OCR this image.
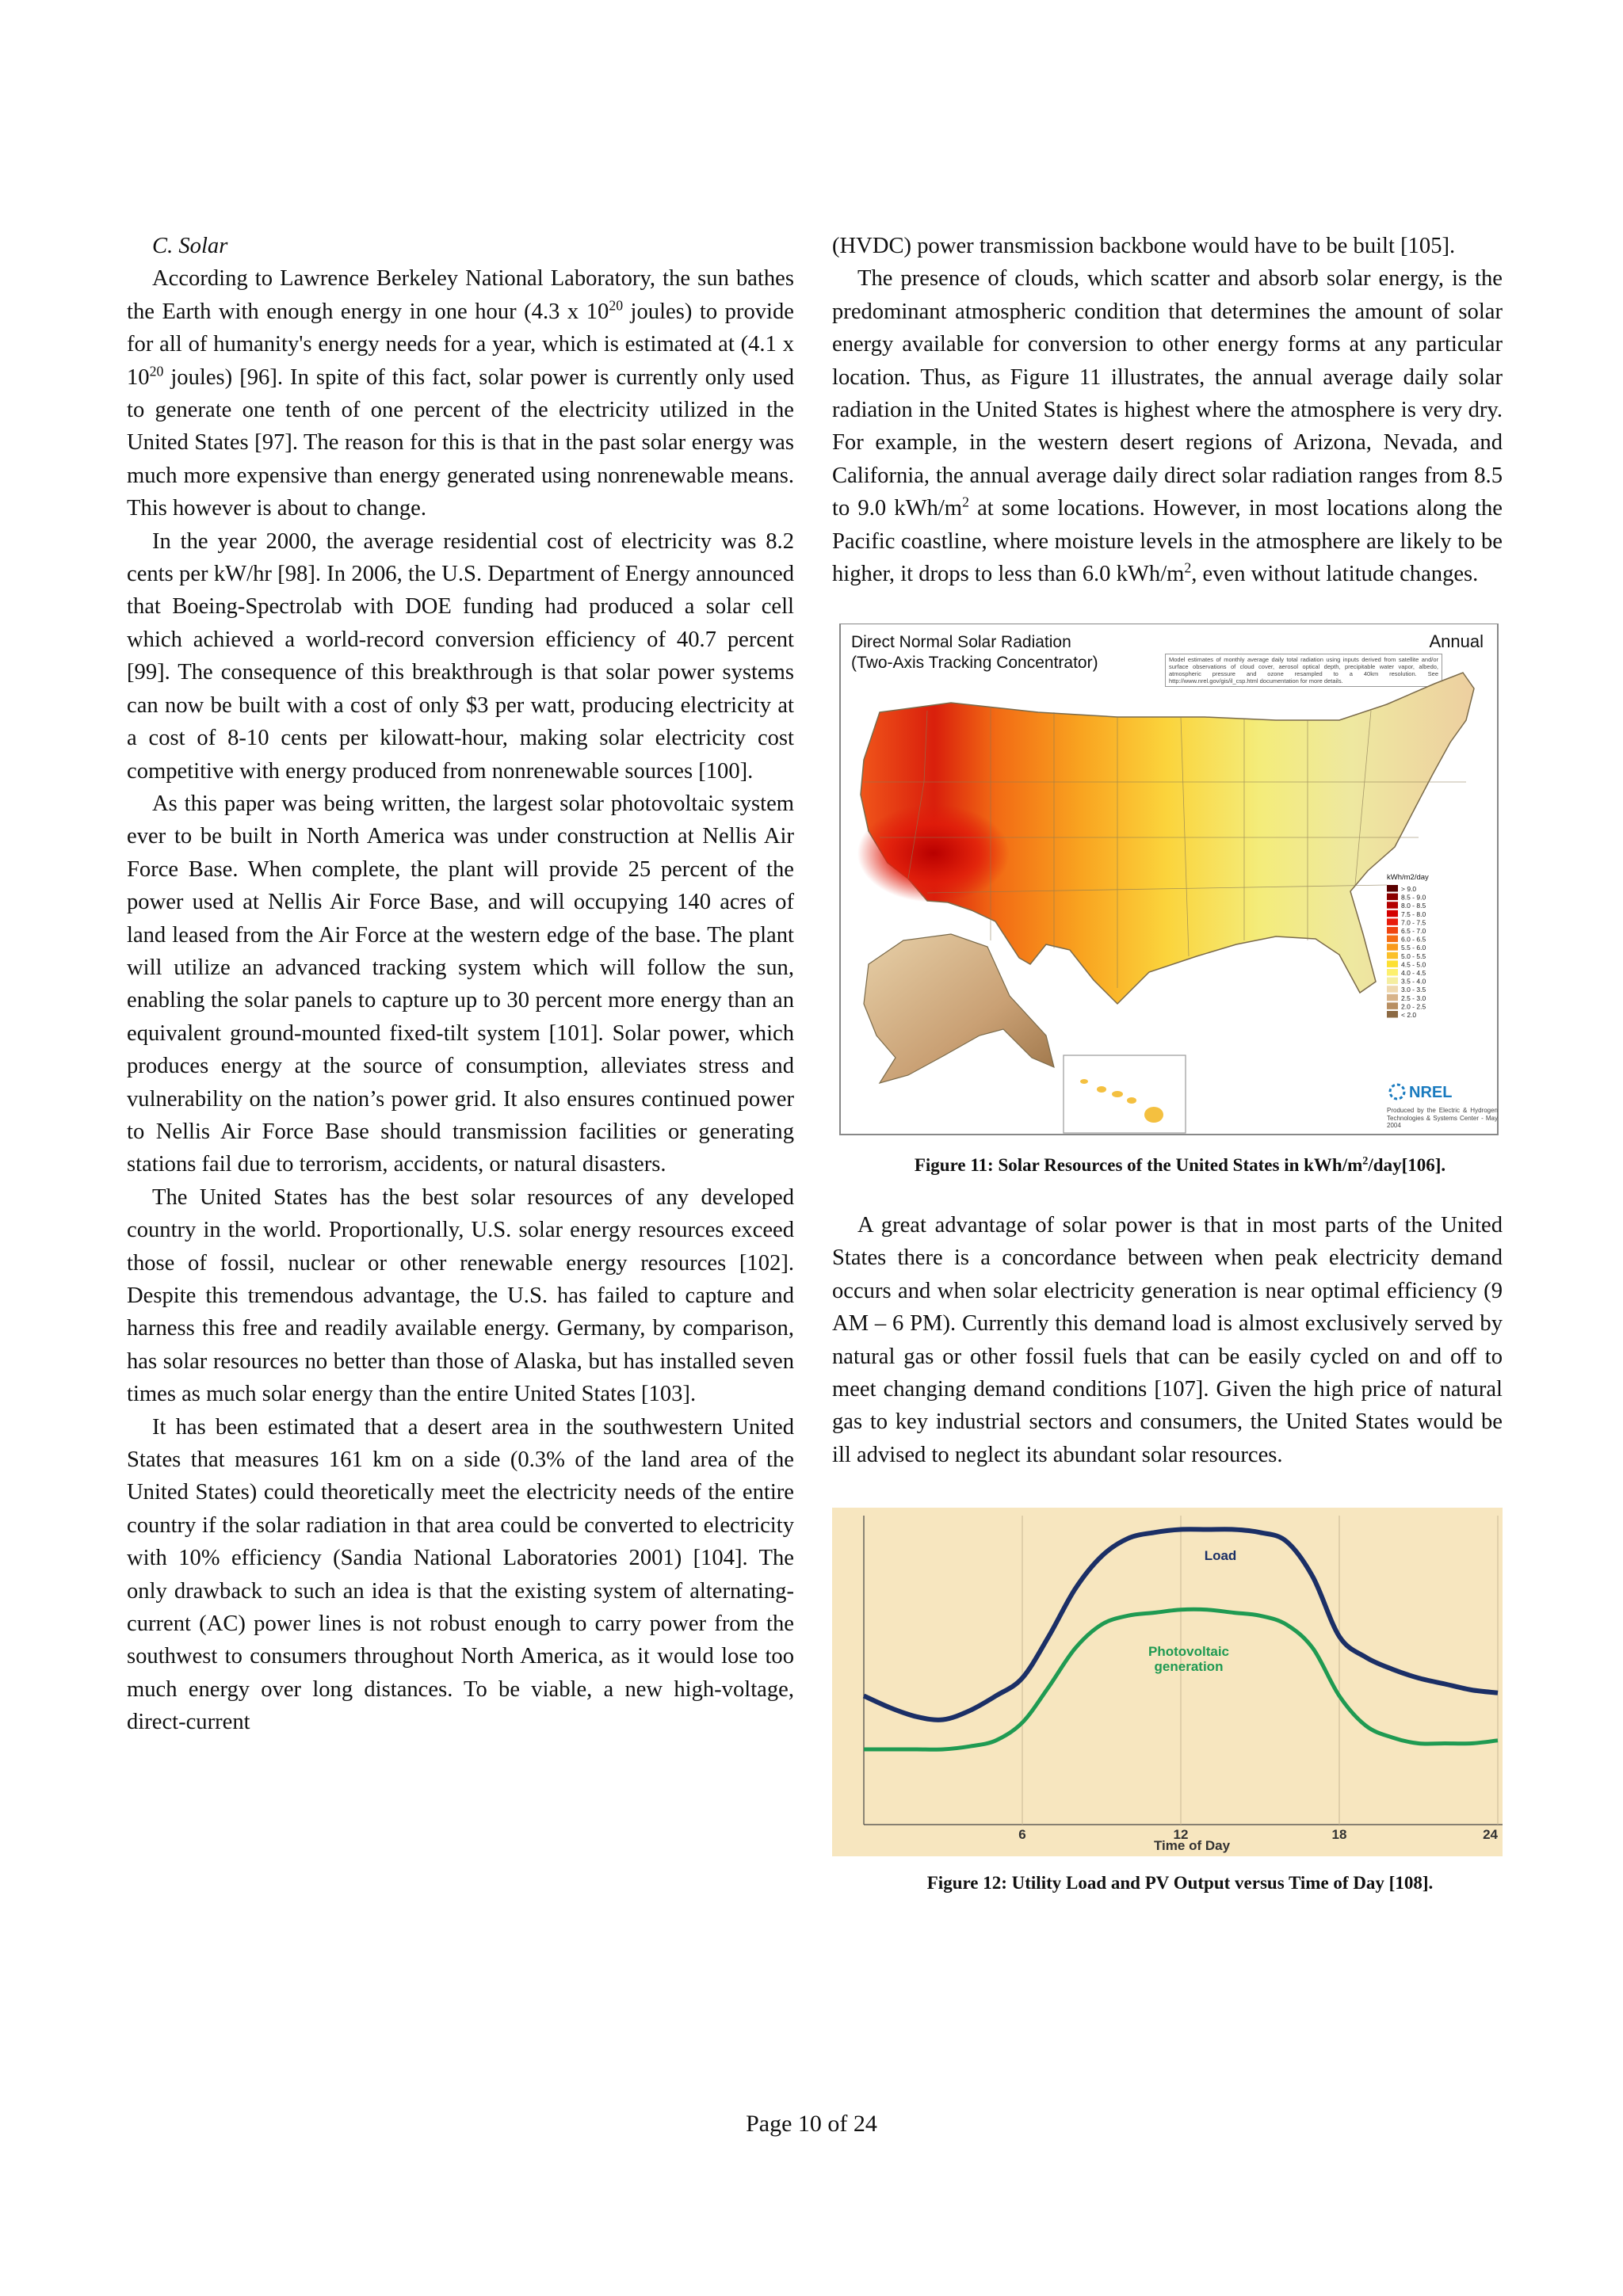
C. Solar

According to Lawrence Berkeley National Laboratory, the sun bathes the Earth with enough energy in one hour (4.3 x $10^{20}$ joules) to provide for all of humanity's energy needs for a year, which is estimated at (4.1 x $10^{20}$ joules) [96]. In spite of this fact, solar power is currently only used to generate one tenth of one percent of the electricity utilized in the United States [97]. The reason for this is that in the past solar energy was much more expensive than energy generated using nonrenewable means. This however is about to change.

In the year 2000, the average residential cost of electricity was 8.2 cents per kW/hr [98]. In 2006, the U.S. Department of Energy announced that Boeing-Spectrolab with DOE funding had produced a solar cell which achieved a world-record conversion efficiency of 40.7 percent [99]. The consequence of this breakthrough is that solar power systems can now be built with a cost of only $3 per watt, producing electricity at a cost of 8-10 cents per kilowatt-hour, making solar electricity cost competitive with energy produced from nonrenewable sources [100].

As this paper was being written, the largest solar photovoltaic system ever to be built in North America was under construction at Nellis Air Force Base. When complete, the plant will provide 25 percent of the power used at Nellis Air Force Base, and will occupying 140 acres of land leased from the Air Force at the western edge of the base. The plant will utilize an advanced tracking system which will follow the sun, enabling the solar panels to capture up to 30 percent more energy than an equivalent ground-mounted fixed-tilt system [101]. Solar power, which produces energy at the source of consumption, alleviates stress and vulnerability on the nation’s power grid. It also ensures continued power to Nellis Air Force Base should transmission facilities or generating stations fail due to terrorism, accidents, or natural disasters.

The United States has the best solar resources of any developed country in the world. Proportionally, U.S. solar energy resources exceed those of fossil, nuclear or other renewable energy resources [102]. Despite this tremendous advantage, the U.S. has failed to capture and harness this free and readily available energy. Germany, by comparison, has solar resources no better than those of Alaska, but has installed seven times as much solar energy than the entire United States [103].

It has been estimated that a desert area in the southwestern United States that measures 161 km on a side (0.3% of the land area of the United States) could theoretically meet the electricity needs of the entire country if the solar radiation in that area could be converted to electricity with 10% efficiency (Sandia National Laboratories 2001) [104]. The only drawback to such an idea is that the existing system of alternating-current (AC) power lines is not robust enough to carry power from the southwest to consumers throughout North America, as it would lose too much energy over long distances. To be viable, a new high-voltage, direct-current

(HVDC) power transmission backbone would have to be built [105].

The presence of clouds, which scatter and absorb solar energy, is the predominant atmospheric condition that determines the amount of solar energy available for conversion to other energy forms at any particular location. Thus, as Figure 11 illustrates, the annual average daily solar radiation in the United States is highest where the atmosphere is very dry. For example, in the western desert regions of Arizona, Nevada, and California, the annual average daily direct solar radiation ranges from 8.5 to 9.0 kWh/$m^2$ at some locations. However, in most locations along the Pacific coastline, where moisture levels in the atmosphere are likely to be higher, it drops to less than 6.0 kWh/$m^2$, even without latitude changes.

Direct Normal Solar Radiation
(Two-Axis Tracking Concentrator)
Annual
Model estimates of monthly average daily total radiation using inputs derived from satellite and/or surface observations of cloud cover, aerosol optical depth, precipitable water vapor, albedo, atmospheric pressure and ozone resampled to a 40km resolution. See http://www.nrel.gov/gis/il_csp.html documentation for more details.
kWh/m2/day
> 9.0
8.5 - 9.0
8.0 - 8.5
7.5 - 8.0
7.0 - 7.5
6.5 - 7.0
6.0 - 6.5
5.5 - 6.0
5.0 - 5.5
4.5 - 5.0
4.0 - 4.5
3.5 - 4.0
3.0 - 3.5
2.5 - 3.0
2.0 - 2.5
< 2.0
NREL
Produced by the Electric & Hydrogen Technologies & Systems Center - May 2004

Figure 11: Solar Resources of the United States in kWh/$m^2/day[106]$.

A great advantage of solar power is that in most parts of the United States there is a concordance between when peak electricity demand occurs and when solar electricity generation is near optimal efficiency (9 AM – 6 PM). Currently this demand load is almost exclusively served by natural gas or other fossil fuels that can be easily cycled on and off to meet changing demand conditions [107]. Given the high price of natural gas to key industrial sectors and consumers, the United States would be ill advised to neglect its abundant solar resources.

Load
Photovoltaic generation
6	12	18	24
Time of Day

Figure 12: Utility Load and PV Output versus Time of Day [108].

Page 10 of 24
